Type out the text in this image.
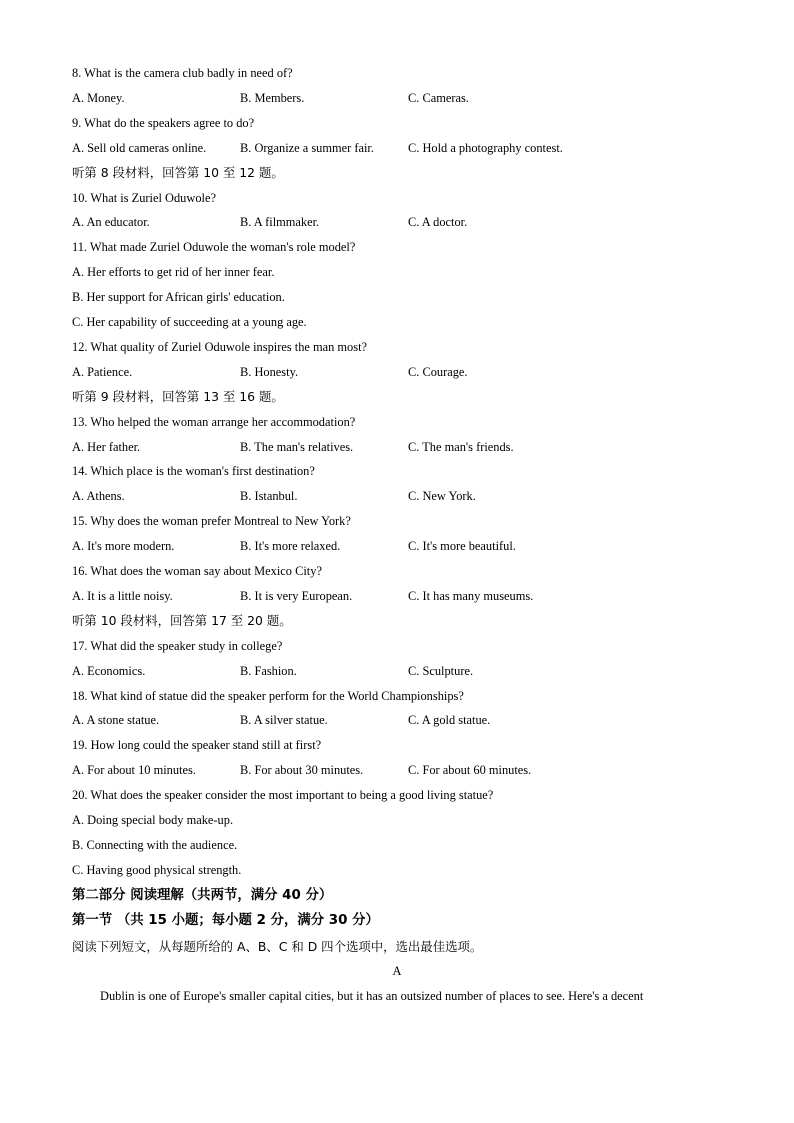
8. What is the camera club badly in need of?
A. Money.	B. Members.	C. Cameras.
9. What do the speakers agree to do?
A. Sell old cameras online.	B. Organize a summer fair.	C. Hold a photography contest.
听第 8 段材料，回答第 10 至 12 题。
10. What is Zuriel Oduwole?
A. An educator.	B. A filmmaker.	C. A doctor.
11. What made Zuriel Oduwole the woman's role model?
A. Her efforts to get rid of her inner fear.
B. Her support for African girls' education.
C. Her capability of succeeding at a young age.
12. What quality of Zuriel Oduwole inspires the man most?
A. Patience.	B. Honesty.	C. Courage.
听第 9 段材料，回答第 13 至 16 题。
13. Who helped the woman arrange her accommodation?
A. Her father.	B. The man's relatives.	C. The man's friends.
14. Which place is the woman's first destination?
A. Athens.	B. Istanbul.	C. New York.
15. Why does the woman prefer Montreal to New York?
A. It's more modern.	B. It's more relaxed.	C. It's more beautiful.
16. What does the woman say about Mexico City?
A. It is a little noisy.	B. It is very European.	C. It has many museums.
听第 10 段材料，回答第 17 至 20 题。
17. What did the speaker study in college?
A. Economics.	B. Fashion.	C. Sculpture.
18. What kind of statue did the speaker perform for the World Championships?
A. A stone statue.	B. A silver statue.	C. A gold statue.
19. How long could the speaker stand still at first?
A. For about 10 minutes.	B. For about 30 minutes.	C. For about 60 minutes.
20. What does the speaker consider the most important to being a good living statue?
A. Doing special body make-up.
B. Connecting with the audience.
C. Having good physical strength.
第二部分 阅读理解（共两节，满分 40 分）
第一节 （共 15 小题；每小题 2 分，满分 30 分）
阅读下列短文，从每题所给的 A、B、C 和 D 四个选项中，选出最佳选项。
A
Dublin is one of Europe's smaller capital cities, but it has an outsized number of places to see. Here's a decent
